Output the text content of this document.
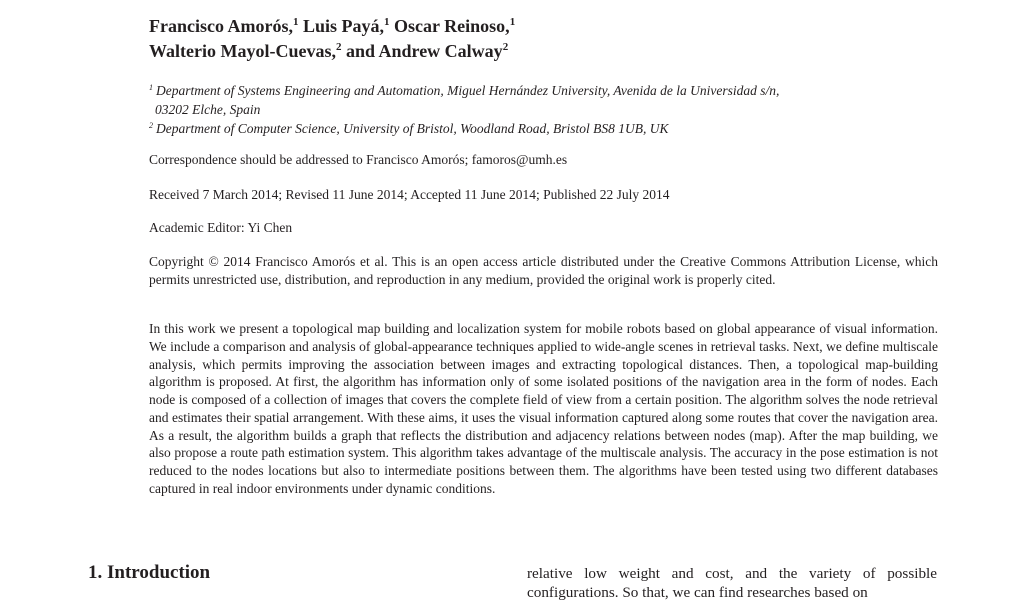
Francisco Amorós,$^1$ Luis Payá,$^1$ Oscar Reinoso,$^1$
Walterio Mayol-Cuevas,$^2$ and Andrew Calway$^2$
$^1$ Department of Systems Engineering and Automation, Miguel Hernández University, Avenida de la Universidad s/n,
03202 Elche, Spain
$^2$ Department of Computer Science, University of Bristol, Woodland Road, Bristol BS8 1UB, UK
Correspondence should be addressed to Francisco Amorós; famoros@umh.es
Received 7 March 2014; Revised 11 June 2014; Accepted 11 June 2014; Published 22 July 2014
Academic Editor: Yi Chen
Copyright © 2014 Francisco Amorós et al. This is an open access article distributed under the Creative Commons Attribution License, which permits unrestricted use, distribution, and reproduction in any medium, provided the original work is properly cited.
In this work we present a topological map building and localization system for mobile robots based on global appearance of visual information. We include a comparison and analysis of global-appearance techniques applied to wide-angle scenes in retrieval tasks. Next, we define multiscale analysis, which permits improving the association between images and extracting topological distances. Then, a topological map-building algorithm is proposed. At first, the algorithm has information only of some isolated positions of the navigation area in the form of nodes. Each node is composed of a collection of images that covers the complete field of view from a certain position. The algorithm solves the node retrieval and estimates their spatial arrangement. With these aims, it uses the visual information captured along some routes that cover the navigation area. As a result, the algorithm builds a graph that reflects the distribution and adjacency relations between nodes (map). After the map building, we also propose a route path estimation system. This algorithm takes advantage of the multiscale analysis. The accuracy in the pose estimation is not reduced to the nodes locations but also to intermediate positions between them. The algorithms have been tested using two different databases captured in real indoor environments under dynamic conditions.
1. Introduction	relative low weight and cost, and the variety of possible configurations. So that, we can find researches based on
